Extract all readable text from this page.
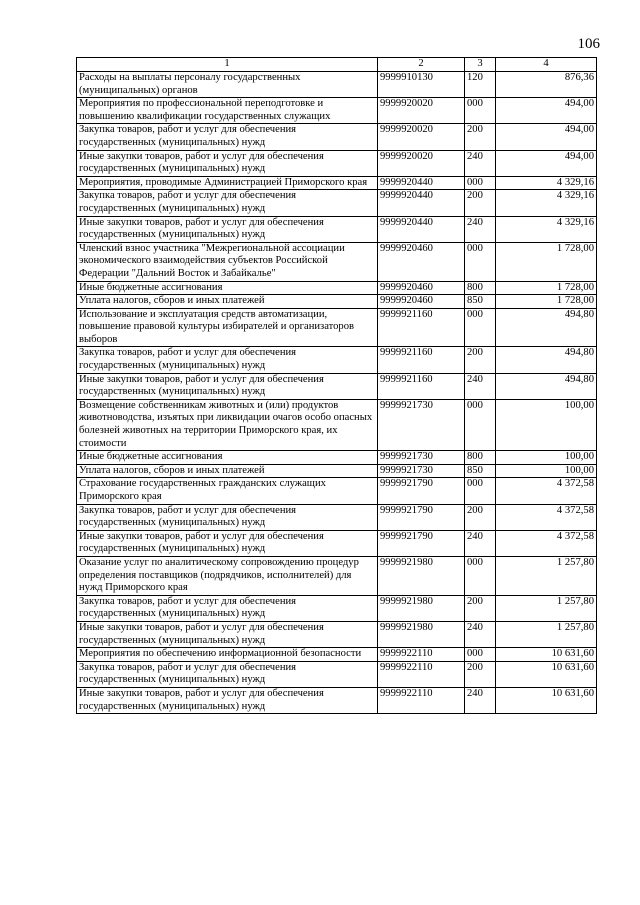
106
1	2	3	4
Расходы на выплаты персоналу государственных (муниципальных) органов	9999910130	120	876,36
Мероприятия по профессиональной переподготовке и повышению квалификации государственных служащих	9999920020	000	494,00
Закупка товаров, работ и услуг для обеспечения государственных (муниципальных) нужд	9999920020	200	494,00
Иные закупки товаров, работ и услуг для обеспечения государственных (муниципальных) нужд	9999920020	240	494,00
Мероприятия, проводимые Администрацией Приморского края	9999920440	000	4 329,16
Закупка товаров, работ и услуг для обеспечения государственных (муниципальных) нужд	9999920440	200	4 329,16
Иные закупки товаров, работ и услуг для обеспечения государственных (муниципальных) нужд	9999920440	240	4 329,16
Членский взнос участника "Межрегиональной ассоциации экономического взаимодействия субъектов Российской Федерации "Дальний Восток и Забайкалье"	9999920460	000	1 728,00
Иные бюджетные ассигнования	9999920460	800	1 728,00
Уплата налогов, сборов и иных платежей	9999920460	850	1 728,00
Использование и эксплуатация средств автоматизации, повышение правовой культуры избирателей и организаторов выборов	9999921160	000	494,80
Закупка товаров, работ и услуг для обеспечения государственных (муниципальных) нужд	9999921160	200	494,80
Иные закупки товаров, работ и услуг для обеспечения государственных (муниципальных) нужд	9999921160	240	494,80
Возмещение собственникам животных и (или) продуктов животноводства, изъятых при ликвидации очагов особо опасных болезней животных на территории Приморского края, их стоимости	9999921730	000	100,00
Иные бюджетные ассигнования	9999921730	800	100,00
Уплата налогов, сборов и иных платежей	9999921730	850	100,00
Страхование государственных гражданских служащих Приморского края	9999921790	000	4 372,58
Закупка товаров, работ и услуг для обеспечения государственных (муниципальных) нужд	9999921790	200	4 372,58
Иные закупки товаров, работ и услуг для обеспечения государственных (муниципальных) нужд	9999921790	240	4 372,58
Оказание услуг по аналитическому сопровождению процедур определения поставщиков (подрядчиков, исполнителей) для нужд Приморского края	9999921980	000	1 257,80
Закупка товаров, работ и услуг для обеспечения государственных (муниципальных) нужд	9999921980	200	1 257,80
Иные закупки товаров, работ и услуг для обеспечения государственных (муниципальных) нужд	9999921980	240	1 257,80
Мероприятия по обеспечению информационной безопасности	9999922110	000	10 631,60
Закупка товаров, работ и услуг для обеспечения государственных (муниципальных) нужд	9999922110	200	10 631,60
Иные закупки товаров, работ и услуг для обеспечения государственных (муниципальных) нужд	9999922110	240	10 631,60
